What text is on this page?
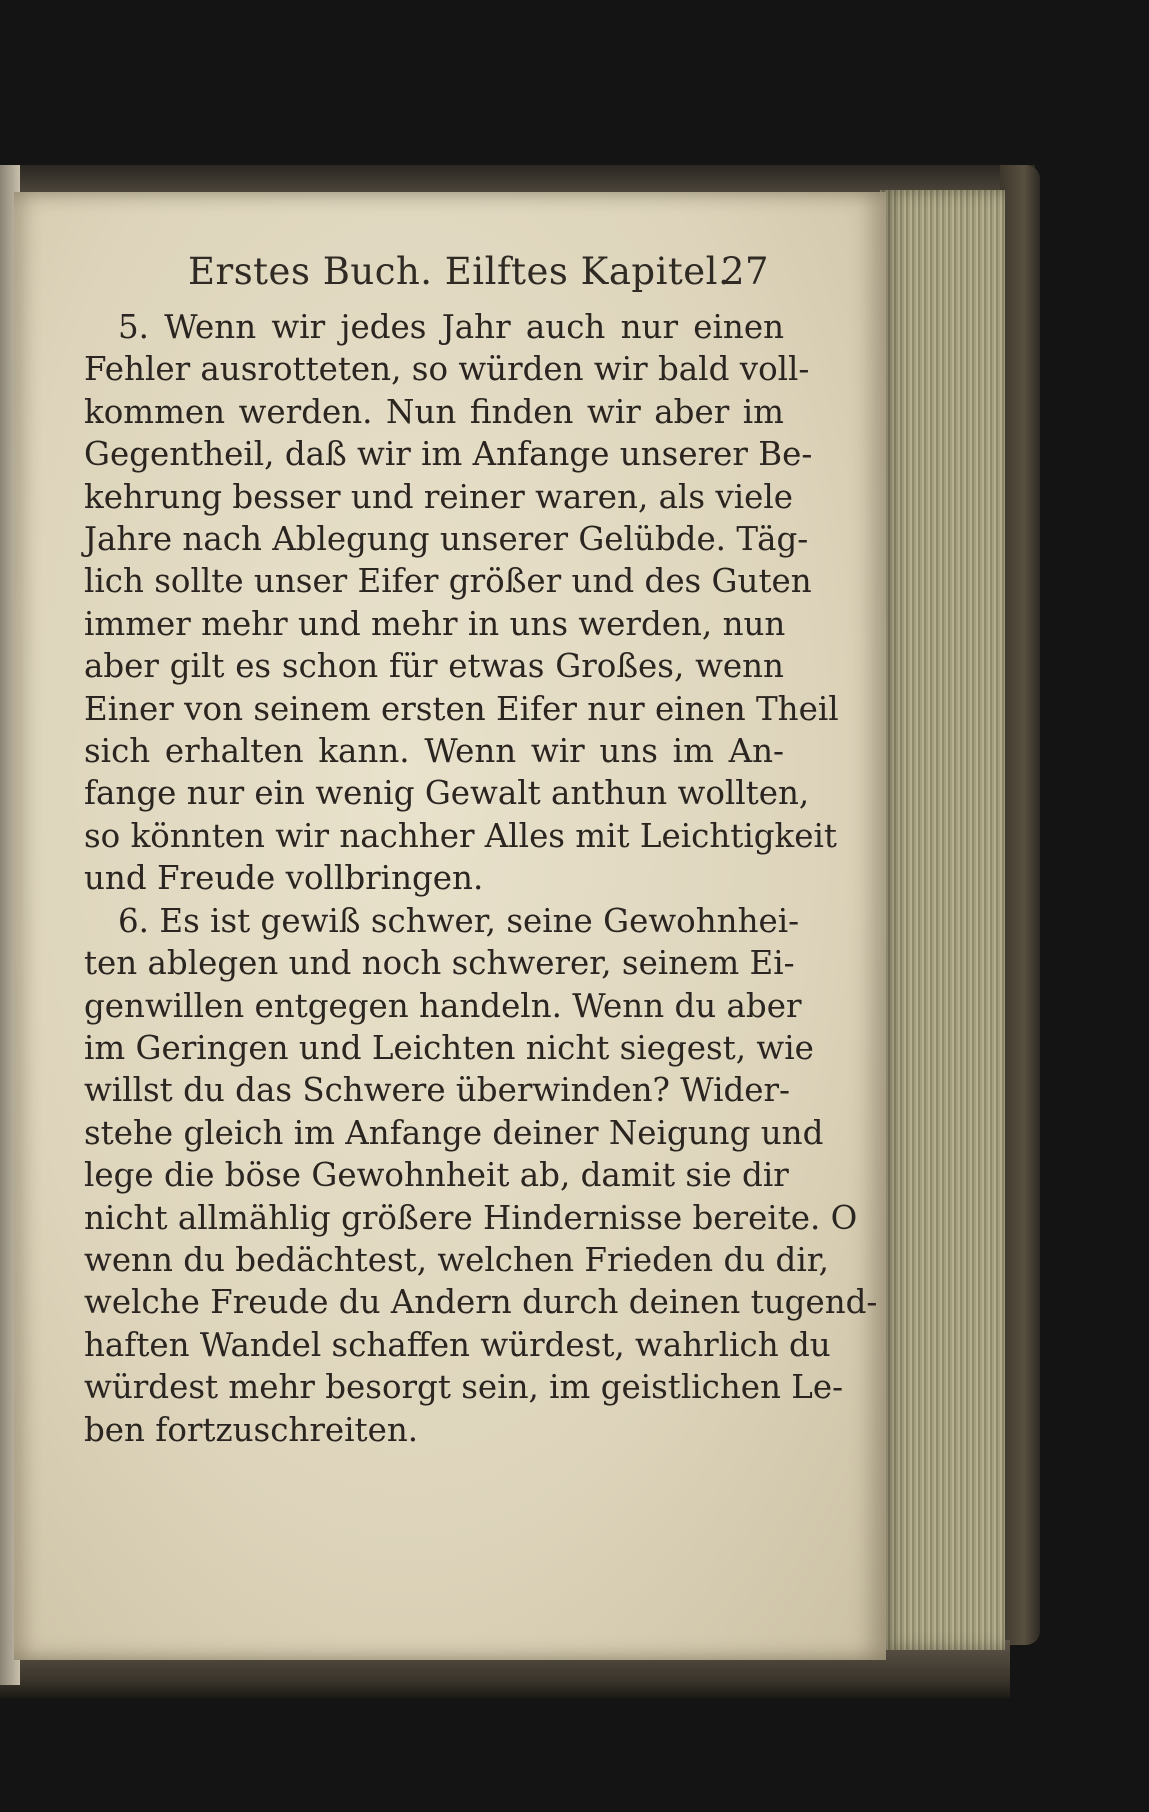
Erstes Buch. Eilftes Kapitel.
27
5. Wenn wir jedes Jahr auch nur einen
Fehler ausrotteten, so würden wir bald voll-
kommen werden. Nun finden wir aber im
Gegentheil, daß wir im Anfange unserer Be-
kehrung besser und reiner waren, als viele
Jahre nach Ablegung unserer Gelübde. Täg-
lich sollte unser Eifer größer und des Guten
immer mehr und mehr in uns werden, nun
aber gilt es schon für etwas Großes, wenn
Einer von seinem ersten Eifer nur einen Theil
sich erhalten kann. Wenn wir uns im An-
fange nur ein wenig Gewalt anthun wollten,
so könnten wir nachher Alles mit Leichtigkeit
und Freude vollbringen.
6. Es ist gewiß schwer, seine Gewohnhei-
ten ablegen und noch schwerer, seinem Ei-
genwillen entgegen handeln. Wenn du aber
im Geringen und Leichten nicht siegest, wie
willst du das Schwere überwinden? Wider-
stehe gleich im Anfange deiner Neigung und
lege die böse Gewohnheit ab, damit sie dir
nicht allmählig größere Hindernisse bereite. O
wenn du bedächtest, welchen Frieden du dir,
welche Freude du Andern durch deinen tugend-
haften Wandel schaffen würdest, wahrlich du
würdest mehr besorgt sein, im geistlichen Le-
ben fortzuschreiten.
